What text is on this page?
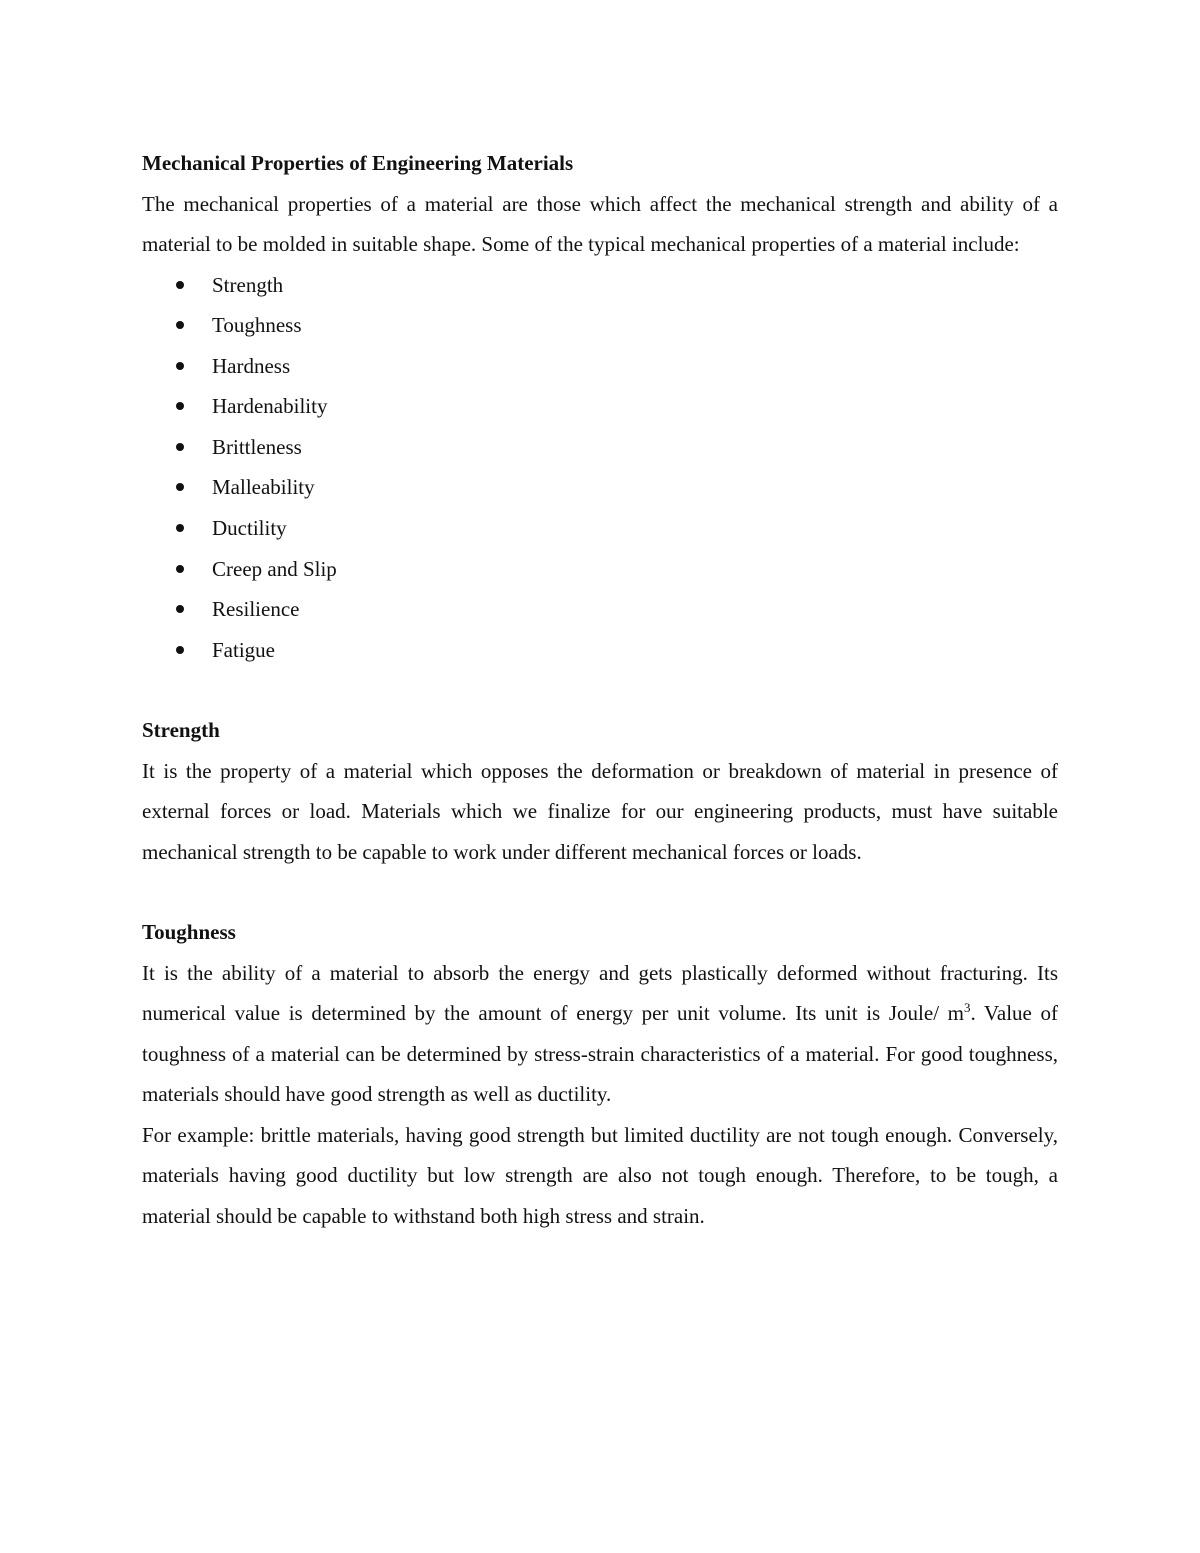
Mechanical Properties of Engineering Materials

The mechanical properties of a material are those which affect the mechanical strength and ability of a material to be molded in suitable shape. Some of the typical mechanical properties of a material include:

Strength
Toughness
Hardness
Hardenability
Brittleness
Malleability
Ductility
Creep and Slip
Resilience
Fatigue

Strength

It is the property of a material which opposes the deformation or breakdown of material in presence of external forces or load. Materials which we finalize for our engineering products, must have suitable mechanical strength to be capable to work under different mechanical forces or loads.

Toughness

It is the ability of a material to absorb the energy and gets plastically deformed without fracturing. Its numerical value is determined by the amount of energy per unit volume. Its unit is Joule/ $m^3$. Value of toughness of a material can be determined by stress-strain characteristics of a material. For good toughness, materials should have good strength as well as ductility.

For example: brittle materials, having good strength but limited ductility are not tough enough. Conversely, materials having good ductility but low strength are also not tough enough. Therefore, to be tough, a material should be capable to withstand both high stress and strain.
